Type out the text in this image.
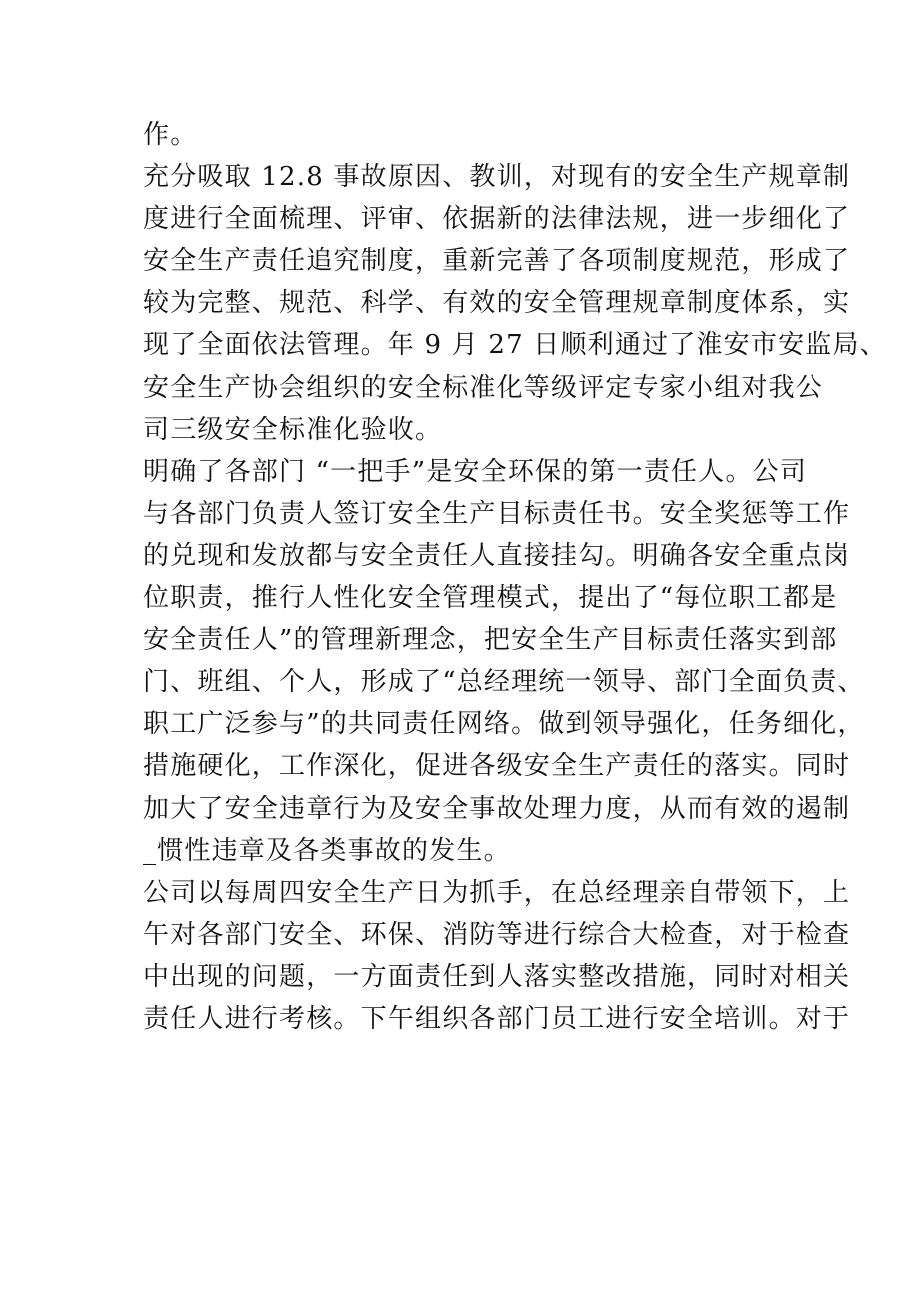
作。
充分吸取 12.8 事故原因、教训，对现有的安全生产规章制
度进行全面梳理、评审、依据新的法律法规，进一步细化了
安全生产责任追究制度，重新完善了各项制度规范，形成了
较为完整、规范、科学、有效的安全管理规章制度体系，实
现了全面依法管理。年 9 月 27 日顺利通过了淮安市安监局、
安全生产协会组织的安全标准化等级评定专家小组对我公
司三级安全标准化验收。
明确了各部门 “一把手”是安全环保的第一责任人。公司
与各部门负责人签订安全生产目标责任书。安全奖惩等工作
的兑现和发放都与安全责任人直接挂勾。明确各安全重点岗
位职责，推行人性化安全管理模式，提出了“每位职工都是
安全责任人”的管理新理念，把安全生产目标责任落实到部
门、班组、个人，形成了“总经理统一领导、部门全面负责、
职工广泛参与”的共同责任网络。做到领导强化，任务细化，
措施硬化，工作深化，促进各级安全生产责任的落实。同时
加大了安全违章行为及安全事故处理力度，从而有效的遏制
_惯性违章及各类事故的发生。
公司以每周四安全生产日为抓手，在总经理亲自带领下，上
午对各部门安全、环保、消防等进行综合大检查，对于检查
中出现的问题，一方面责任到人落实整改措施，同时对相关
责任人进行考核。下午组织各部门员工进行安全培训。对于
